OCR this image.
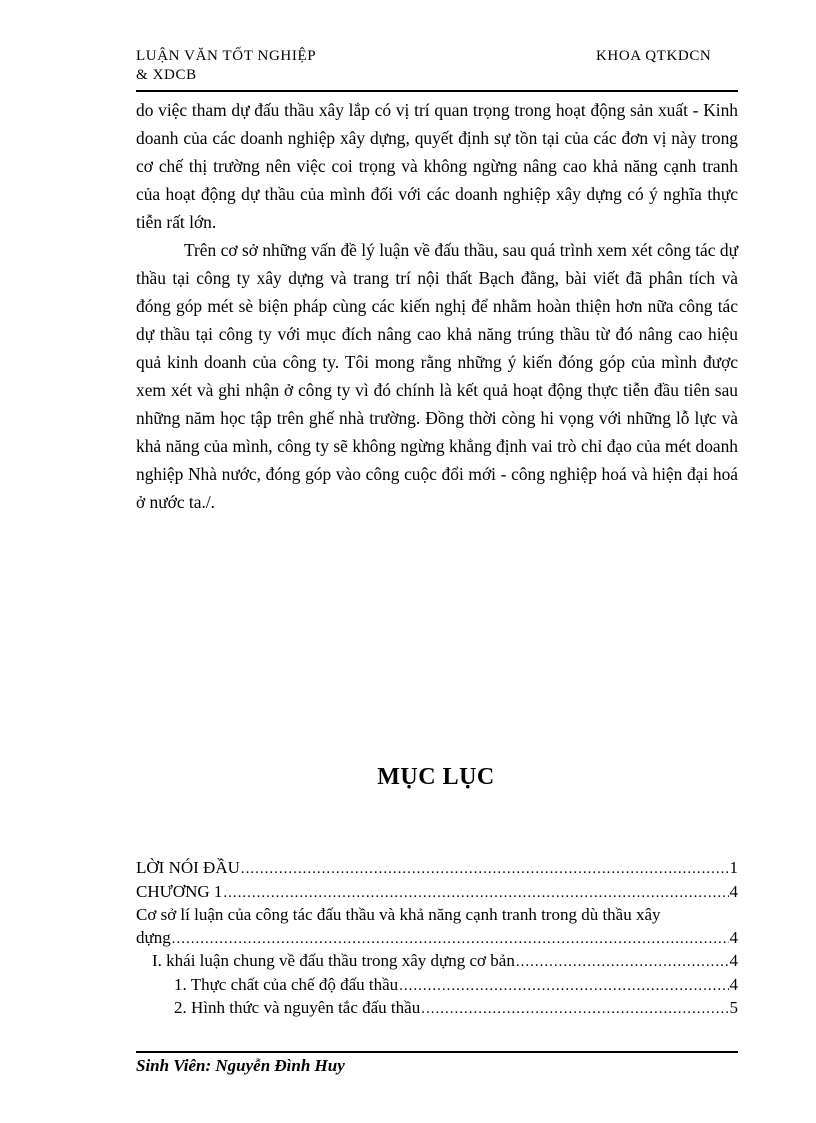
LUẬN VĂN TỐT NGHIỆP
& XDCB
KHOA QTKDCN

do việc tham dự đấu thầu xây lắp có vị trí quan trọng trong hoạt động sản xuất - Kinh doanh của các doanh nghiệp xây dựng, quyết định sự tồn tại của các đơn vị này trong cơ chế thị trường nên việc coi trọng và không ngừng nâng cao khả năng cạnh tranh của hoạt động dự thầu của mình đối với các doanh nghiệp xây dựng có ý nghĩa thực tiễn rất lớn.

Trên cơ sở những vấn đề lý luận về đấu thầu, sau quá trình xem xét công tác dự thầu tại công ty xây dựng và trang trí nội thất Bạch đằng, bài viết đã phân tích và đóng góp mét sè biện pháp cùng các kiến nghị để nhằm hoàn thiện hơn nữa công tác dự thầu tại công ty với mục đích nâng cao khả năng trúng thầu từ đó nâng cao hiệu quả kinh doanh của công ty. Tôi mong rằng những ý kiến đóng góp của mình được xem xét và ghi nhận ở công ty vì đó chính là kết quả hoạt động thực tiễn đầu tiên sau những năm học tập trên ghế nhà trường. Đồng thời còng hi vọng với những lỗ lực và khả năng của mình, công ty sẽ không ngừng khẳng định vai trò chỉ đạo của mét doanh nghiệp Nhà nước, đóng góp vào công cuộc đổi mới - công nghiệp hoá và hiện đại hoá ở nước ta./.

MỤC LỤC
LỜI NÓI ĐẦU .....	1
CHƯƠNG 1 .....	4
Cơ sở lí luận của công tác đấu thầu và khả năng cạnh tranh trong dù thầu xây
dựng .....	4
I. khái luận chung về đấu thầu trong xây dựng cơ bản .....	4
1. Thực chất của chế độ đấu thầu .....	4
2. Hình thức và nguyên tắc đấu thầu .....	5
Sinh Viên: Nguyễn Đình Huy
